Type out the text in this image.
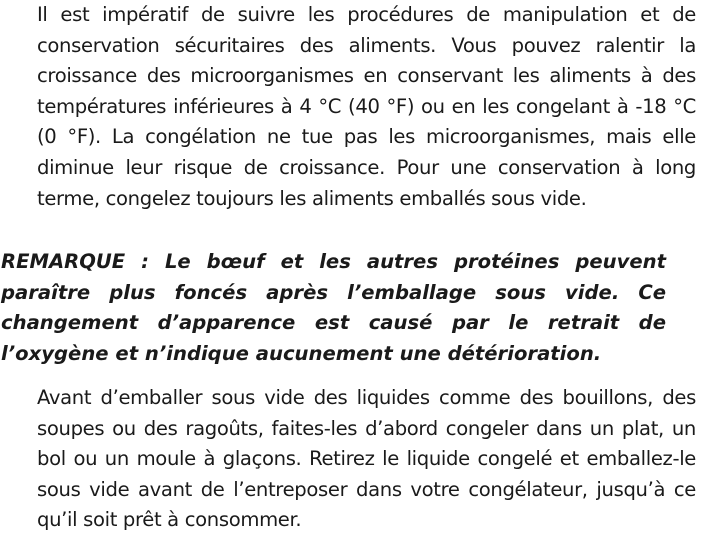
Il est impératif de suivre les procédures de manipulation et de conservation sécuritaires des aliments. Vous pouvez ralentir la croissance des microorganismes en conservant les aliments à des températures inférieures à 4 °C (40 °F) ou en les congelant à -18 °C (0 °F). La congélation ne tue pas les microorganismes, mais elle diminue leur risque de croissance. Pour une conservation à long terme, congelez toujours les aliments emballés sous vide.

REMARQUE : Le bœuf et les autres protéines peuvent paraître plus foncés après l’emballage sous vide. Ce changement d’apparence est causé par le retrait de l’oxygène et n’indique aucunement une détérioration.

Avant d’emballer sous vide des liquides comme des bouillons, des soupes ou des ragoûts, faites-les d’abord congeler dans un plat, un bol ou un moule à glaçons. Retirez le liquide congelé et emballez-le sous vide avant de l’entreposer dans votre congélateur, jusqu’à ce qu’il soit prêt à consommer.
